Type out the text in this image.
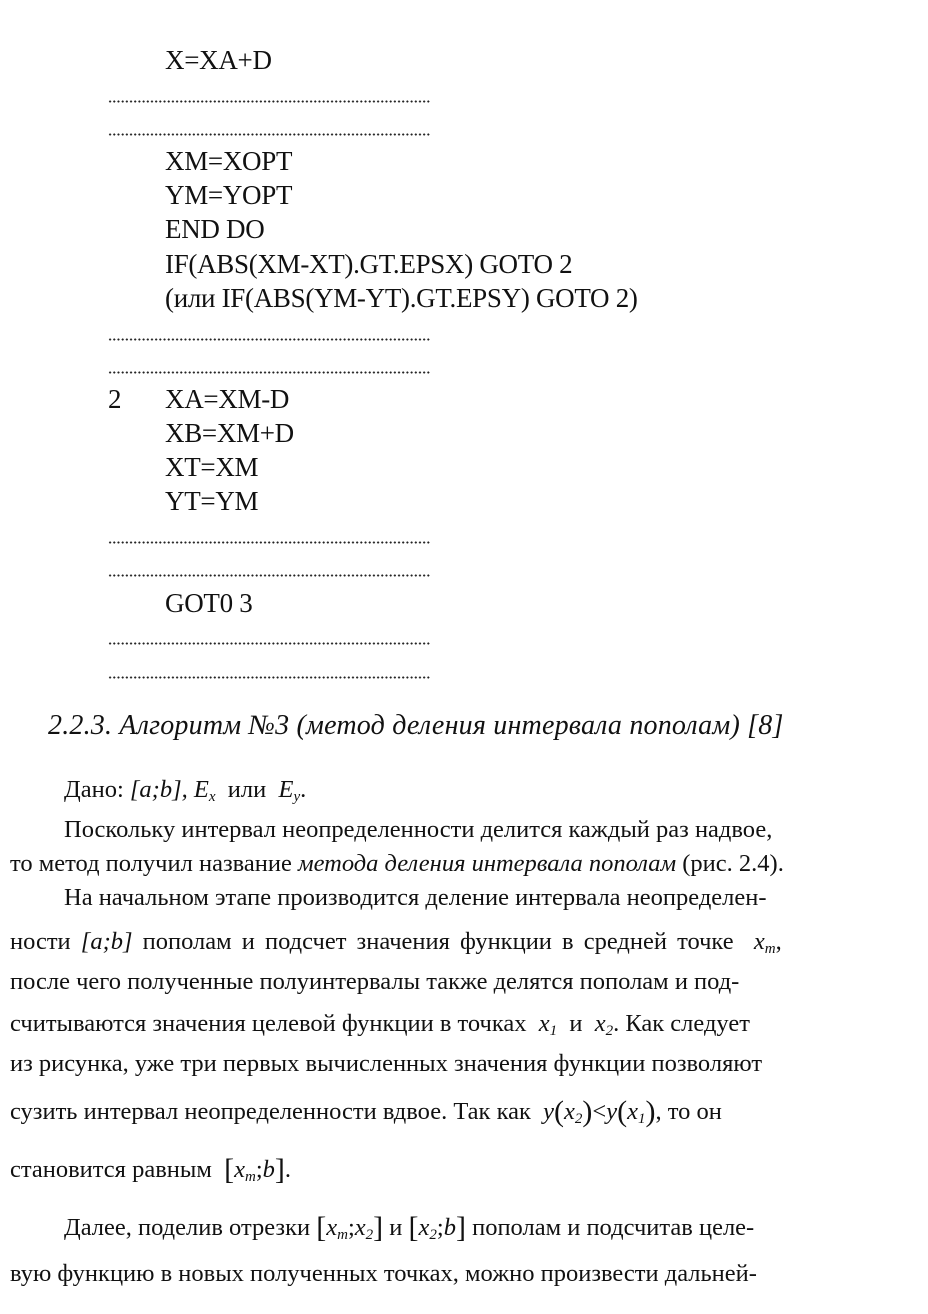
X=XA+D
XM=XOPT
YM=YOPT
END DO
IF(ABS(XM-XT).GT.EPSX) GOTO 2
(или IF(ABS(YM-YT).GT.EPSY) GOTO 2)
2 XA=XM-D
XB=XM+D
XT=XM
YT=YM
GOT0 3
2.2.3. Алгоритм №3 (метод деления интервала пополам) [8]
Дано: [a;b], $E_x$ или $E_y$.
Поскольку интервал неопределенности делится каждый раз надвое,
то метод получил название метода деления интервала пополам (рис. 2.4).
На начальном этапе производится деление интервала неопределен-
ности [a;b] пополам и подсчет значения функции в средней точке $x_m$,
после чего полученные полуинтервалы также делятся пополам и под-
считываются значения целевой функции в точках $x_1$ и $x_2$. Как следует
из рисунка, уже три первых вычисленных значения функции позволяют
сузить интервал неопределенности вдвое. Так как $y(x_2)<y(x_1)$, то он
становится равным $[x_m;b]$.
Далее, поделив отрезки $[x_m;x_2]$ и $[x_2;b]$ пополам и подсчитав целе-
вую функцию в новых полученных точках, можно произвести дальней-
